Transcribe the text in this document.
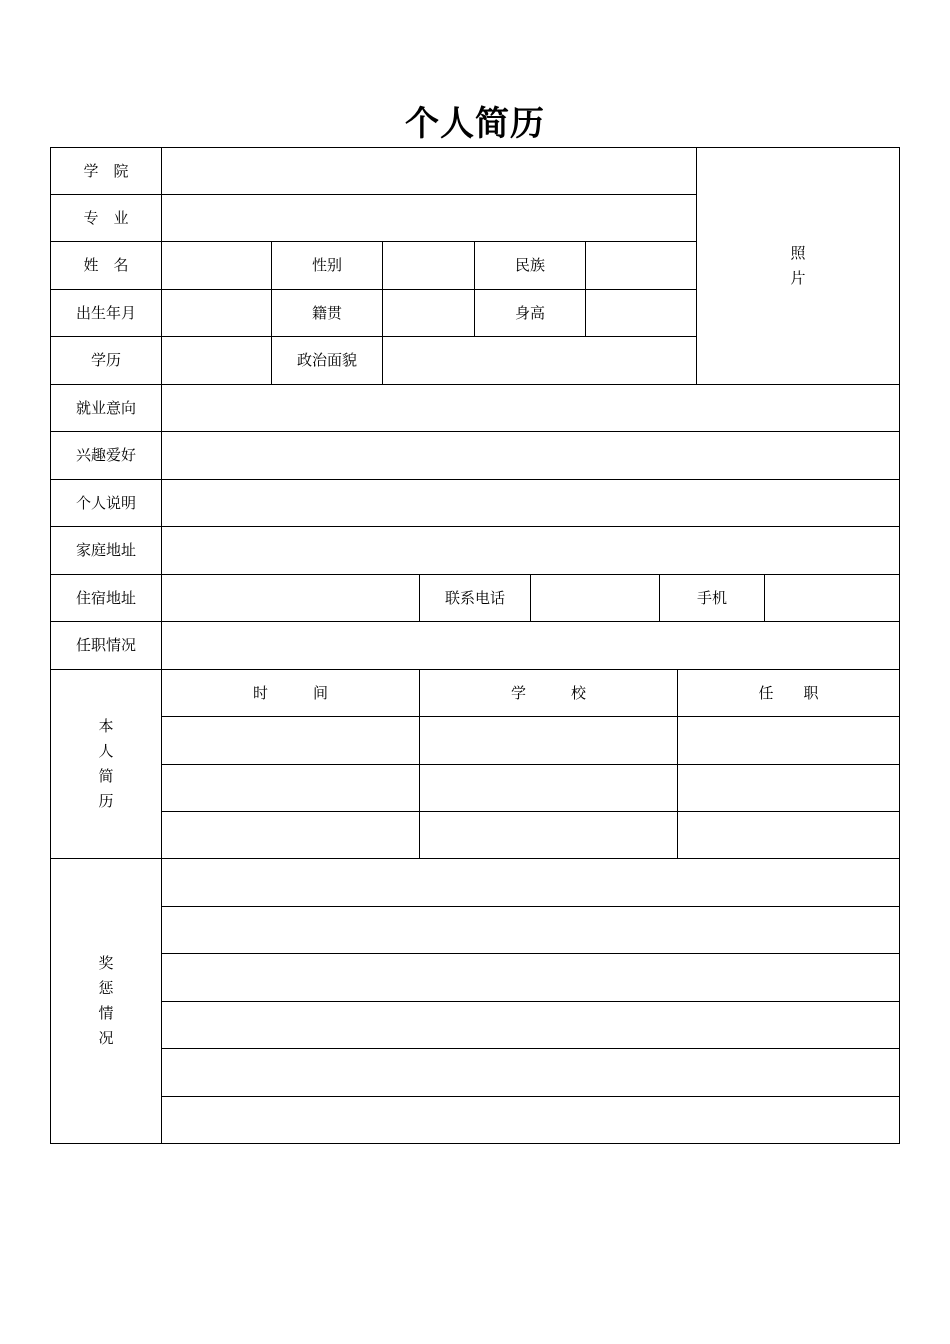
个人简历
学　院
专　业
姓　名	性别	民族
出生年月	籍贯	身高
学历	政治面貌
照
片
就业意向
兴趣爱好
个人说明
家庭地址
住宿地址	联系电话	手机
任职情况
本
人
简
历
时　　　间	学　　　校	任　　职
奖
惩
情
况
